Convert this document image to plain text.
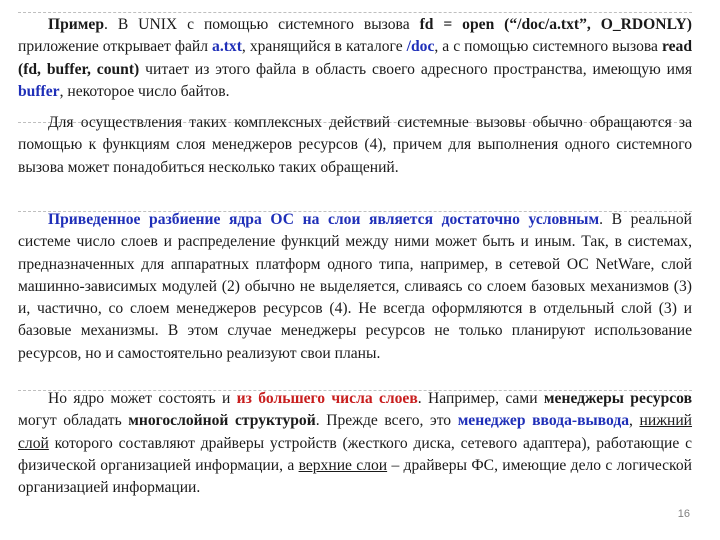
Пример. В UNIX с помощью системного вызова fd = open (“/doc/a.txt”, O_RDONLY) приложение открывает файл a.txt, хранящийся в каталоге /doc, а с помощью системного вызова read (fd, buffer, count) читает из этого файла в область своего адресного пространства, имеющую имя buffer, некоторое число байтов.

Для осуществления таких комплексных действий системные вызовы обычно обращаются за помощью к функциям слоя менеджеров ресурсов (4), причем для выполнения одного системного вызова может понадобиться несколько таких обращений.

Приведенное разбиение ядра ОС на слои является достаточно условным. В реальной системе число слоев и распределение функций между ними может быть и иным. Так, в системах, предназначенных для аппаратных платформ одного типа, например, в сетевой ОС NetWare, слой машинно-зависимых модулей (2) обычно не выделяется, сливаясь со слоем базовых механизмов (3) и, частично, со слоем менеджеров ресурсов (4). Не всегда оформляются в отдельный слой (3) и базовые механизмы. В этом случае менеджеры ресурсов не только планируют использование ресурсов, но и самостоятельно реализуют свои планы.

Но ядро может состоять и из большего числа слоев. Например, сами менеджеры ресурсов могут обладать многослойной структурой. Прежде всего, это менеджер ввода-вывода, нижний слой которого составляют драйверы устройств (жесткого диска, сетевого адаптера), работающие с физической организацией информации, а верхние слои – драйверы ФС, имеющие дело с логической организацией информации.

16
